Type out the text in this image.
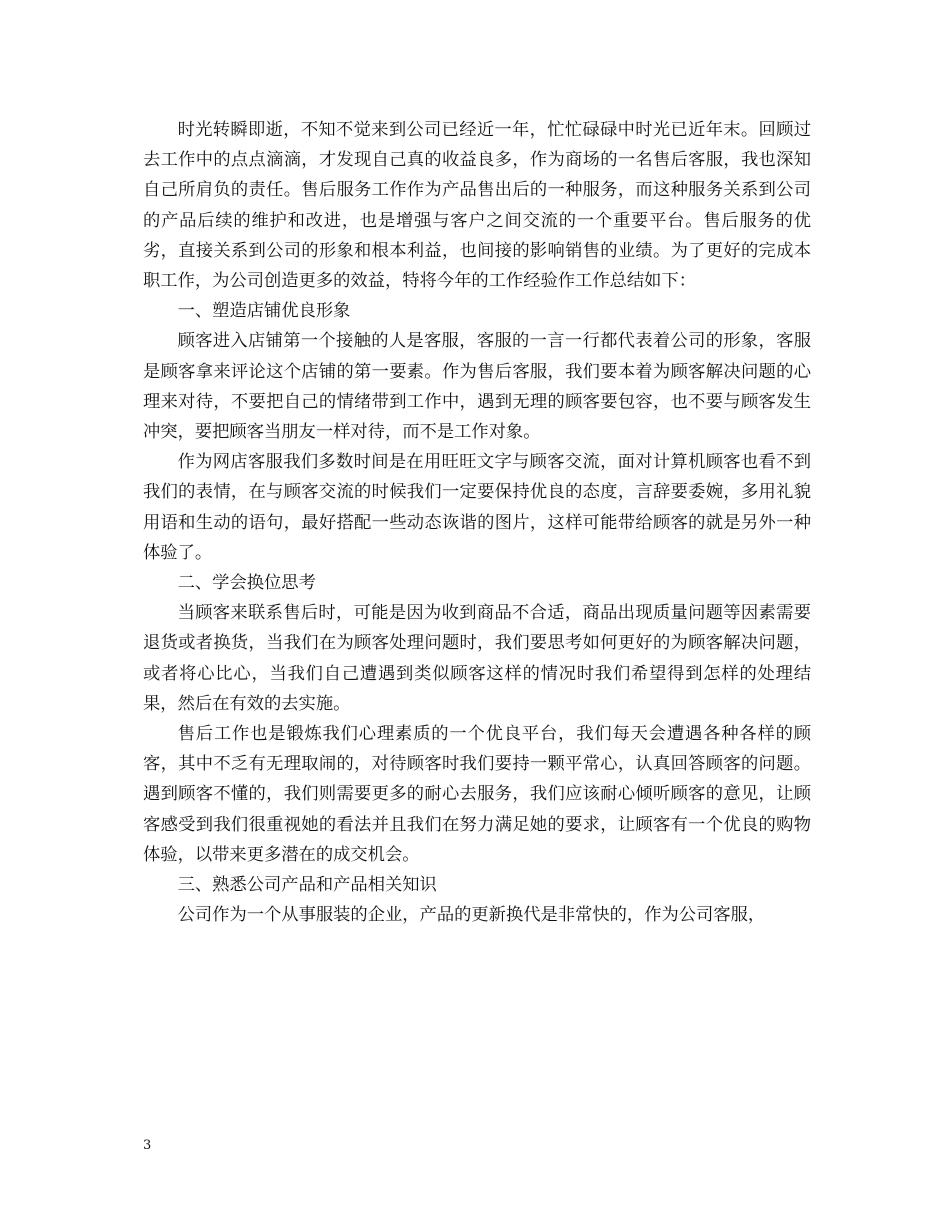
时光转瞬即逝，不知不觉来到公司已经近一年，忙忙碌碌中时光已近年末。回顾过去工作中的点点滴滴，才发现自己真的收益良多，作为商场的一名售后客服，我也深知自己所肩负的责任。售后服务工作作为产品售出后的一种服务，而这种服务关系到公司的产品后续的维护和改进，也是增强与客户之间交流的一个重要平台。售后服务的优劣，直接关系到公司的形象和根本利益，也间接的影响销售的业绩。为了更好的完成本职工作，为公司创造更多的效益，特将今年的工作经验作工作总结如下：

一、塑造店铺优良形象

顾客进入店铺第一个接触的人是客服，客服的一言一行都代表着公司的形象，客服是顾客拿来评论这个店铺的第一要素。作为售后客服，我们要本着为顾客解决问题的心理来对待，不要把自己的情绪带到工作中，遇到无理的顾客要包容，也不要与顾客发生冲突，要把顾客当朋友一样对待，而不是工作对象。

作为网店客服我们多数时间是在用旺旺文字与顾客交流，面对计算机顾客也看不到我们的表情，在与顾客交流的时候我们一定要保持优良的态度，言辞要委婉，多用礼貌用语和生动的语句，最好搭配一些动态诙谐的图片，这样可能带给顾客的就是另外一种体验了。

二、学会换位思考

当顾客来联系售后时，可能是因为收到商品不合适，商品出现质量问题等因素需要退货或者换货，当我们在为顾客处理问题时，我们要思考如何更好的为顾客解决问题，或者将心比心，当我们自己遭遇到类似顾客这样的情况时我们希望得到怎样的处理结果，然后在有效的去实施。

售后工作也是锻炼我们心理素质的一个优良平台，我们每天会遭遇各种各样的顾客，其中不乏有无理取闹的，对待顾客时我们要持一颗平常心，认真回答顾客的问题。遇到顾客不懂的，我们则需要更多的耐心去服务，我们应该耐心倾听顾客的意见，让顾客感受到我们很重视她的看法并且我们在努力满足她的要求，让顾客有一个优良的购物体验，以带来更多潜在的成交机会。

三、熟悉公司产品和产品相关知识

公司作为一个从事服装的企业，产品的更新换代是非常快的，作为公司客服，

3
